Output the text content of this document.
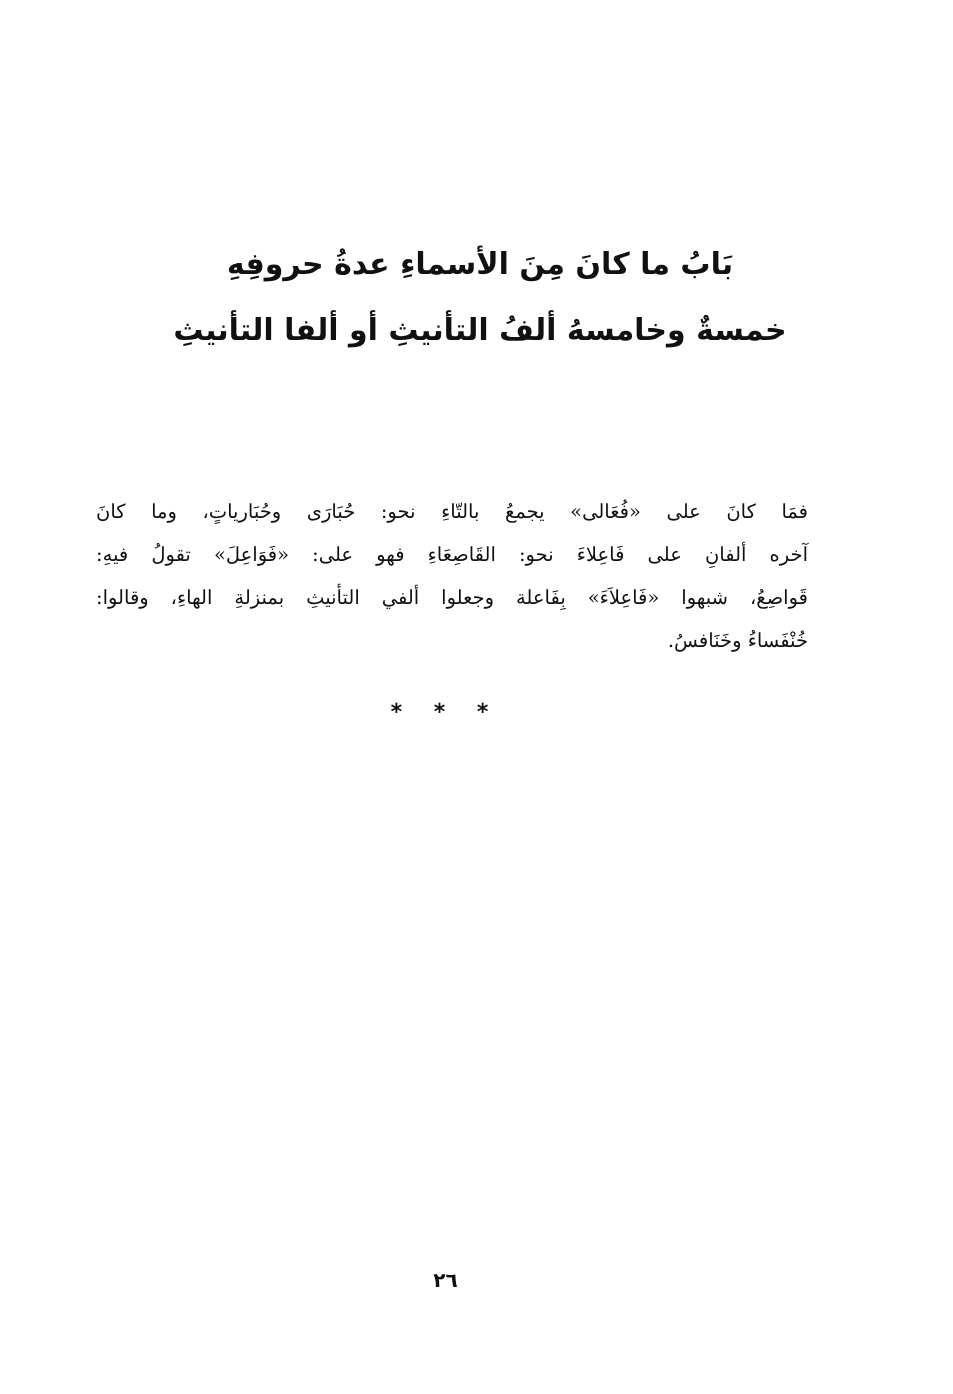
بَابُ ما كانَ مِنَ الأسماءِ عدةُ حروفِهِ
خمسةٌ وخامسهُ ألفُ التأنيثِ أو ألفا التأنيثِ
فمَا كانَ على «فُعَالى» يجمعُ بالتّاءِ نحو: حُبَارَى وحُبَارياتٍ، وما كانَ
آخره ألفانِ على فَاعِلاءَ نحو: القَاصِعَاءِ فهو على: «فَوَاعِلَ» تقولُ فيهِ:
قَواصِعُ، شبهوا «فَاعِلاَءَ» بِفَاعلة وجعلوا ألفي التأنيثِ بمنزلةِ الهاءِ، وقالوا:
خُنْفَساءُ وخَنَافسُ.
* * *
٢٦
